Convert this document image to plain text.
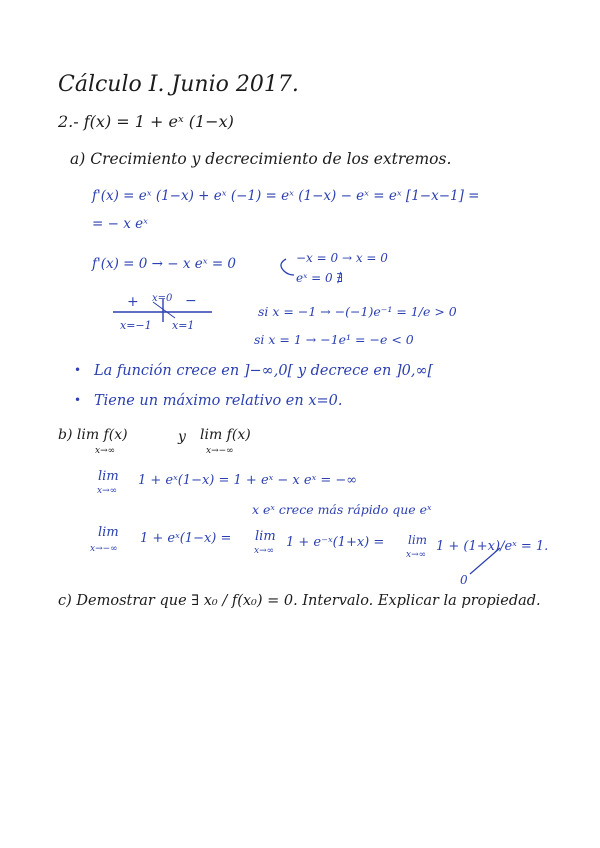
Cálculo I. Junio 2017.
2.- f(x) = 1 + eˣ (1−x)
a) Crecimiento y decrecimiento de los extremos.
f'(x) = eˣ (1−x) + eˣ (−1) = eˣ (1−x) − eˣ = eˣ [1−x−1] =
= − x eˣ
f'(x) = 0 → − x eˣ = 0	−x = 0 → x = 0
eˣ = 0 ∄
+ x=0 −
x=−1 x=1
si x = −1 → −(−1)e⁻¹ = 1/e > 0
si x = 1 → −1e¹ = −e < 0
• La función crece en ]−∞,0[ y decrece en ]0,∞[
• Tiene un máximo relativo en x=0.
b) lim f(x)
x→∞
y lim f(x)
x→−∞
lim
x→∞
1 + eˣ(1−x) = 1 + eˣ − x eˣ = −∞
x eˣ crece más rápido que eˣ
lim
x→−∞
1 + eˣ(1−x) = lim
x→∞
1 + e⁻ˣ(1+x) = lim
x→∞
1 + (1+x)/eˣ = 1.
0
c) Demostrar que ∃ x₀ / f(x₀) = 0. Intervalo. Explicar la propiedad.
